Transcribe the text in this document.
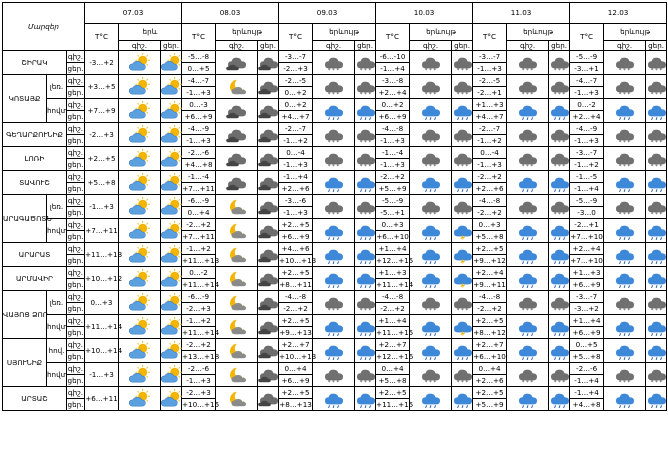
Մարզեր			07.03			08.03			09.03			10.03			11.03			12.03		
			T°C	երև		T°C	երևույթ		T°C	երևույթ		T°C	երևույթ		T°C	երևույթ		T°C	երևույթ	
				գիշ.	ցեր.		գիշ.	ցեր.		գիշ.	ցեր.		գիշ.	ցեր.		գիշ.	ցեր.		գիշ.	ցեր.
ՇԻՐԱԿ		գիշ.	-3...+2			-5...-8			-3...-7	* * *	* * *	-6...-10	* * *	* * *	-3...-7	* * *	* * *	-5...-9	* * *	* * *

		ցեր.				0...+5			-2...+3			-1...+4			-1...+3			-3...+1		
ԿՈՏԱՅՔ	լեռ.	գիշ.	+3...+5			-4...-7			-2...-5	* * *	* * *	-3...-8	* * *	* * *	-2...-5	* * *	* * *	-4...-7	* * *	* * *

		ցեր.				-1...+3			0...+2			+2...+4			-2...+1			-1...+3		
	հովտ	գիշ.	+7...+9			0...-3			0...+2			0...+2			+1...+3			0...-2	

		ցեր.				+6...+9			+4...+7			+6...+9			+4...+7			+2...+4		
ԳԵՂԱՐՔՈՒՆԻՔ		գիշ.	-2...+3			-4...-9			-2...-7	* * *	* * *	-4...-8	* * *	* * *	-2...-7	* * *	* * *	-4...-9	* * *	* * *

		ցեր.				-1...+3			-1...+2			-1...+3			-1...+2			-1...+3		
ԼՈՌԻ		գիշ.	+2...+5			-2...-6			0...-4	* * *	* * *	-1...-4	* * *	* * *	0...-4	* * *	* * *	-3...-7	* * *	* * *

		ցեր.				+4...+8			-1...+3			-1...+3			-1...+3			-1...+2		
ՏԱՎՈՒՇ		գիշ.	+5...+8			-1...-4			-1...+4			-2...+2			-2...+2			-1...-5	

		ցեր.				+7...+11			+2...+6			+5...+9			+2...+6			-1...+4		
ԱՐԱԳԱԾՈՏՆ	լեռ.	գիշ.	-1...+3			-6...-9			-3...-6	* * *	* * *	-5...-9	* * *	* * *	-4...-8	* * *	* * *	-5...-9	* * *	* * *

		ցեր.				0...+4			-1...+3			-5...+1			-2...+2			-3...0		
	հովտ	գիշ.	+7...+11			-2...+2			+2...+5			0...+3			0...+3			-2...+1	

		ցեր.				+7...+11			+6...+9			+6...+10			+5...+8			+7...+10		
ԱՐԱՐԱՏ		գիշ.	+11...+13			-1...+2			+4...+6			+1...+4			+2...+5			+2...+4	

		ցեր.				+11...+13			+10...+13			+12...+15			+9...+12			+7...+10		
ԱՐՄԱՎԻՐ		գիշ.	+10...+12			0...-2			+2...+5			+1...+3			+2...+4			+1...+3	

		ցեր.				+11...+14			+8...+11			+11...+14			+9...+11			+6...+9		
ՎԱՅՈՑ ՁՈՐ	լեռ.	գիշ.	0...+3			-6...-9			-4...-8	* * *	* * *	-4...-8	* * *	* * *	-4...-8	* * *	* * *	-3...-7	* * *	* * *

		ցեր.				-2...+3			-2...+2			-2...+2			-2...+2			-3...+2		
	հովտ	գիշ.	+11...+14			-1...+2			+2...+5			+1...+4			+2...+5			+1...+4	

		ցեր.				+11...+14			+9...+13			+11...+15			+8...+12			+6...+9		
ՍՅՈՒՆԻՔ	հով.	գիշ.	+10...+14			-2...+2			+2...+7			+2...+7			+2...+7			0...+5	

		ցեր.				+13...+18			+10...+13			+12...+16			+6...+10			+5...+8		
	հովտ	գիշ.	-1...+3			-2...-6			0...+4	* * *	* * *	0...+4	* * *	* * *	0...+4	* * *	* * *	-2...-6	* * *	* * *

		ցեր.				-1...+3			+6...+9			+5...+8			+2...+6			-1...+4		
ԱՐՏԱՇ		գիշ.	+6...+11			-2...+3			+2...+5			+2...+5			+2...+5			-1...+4	

		ցեր.				+10...+15			+8...+13			+11...+15			+5...+9			+4...+8		
